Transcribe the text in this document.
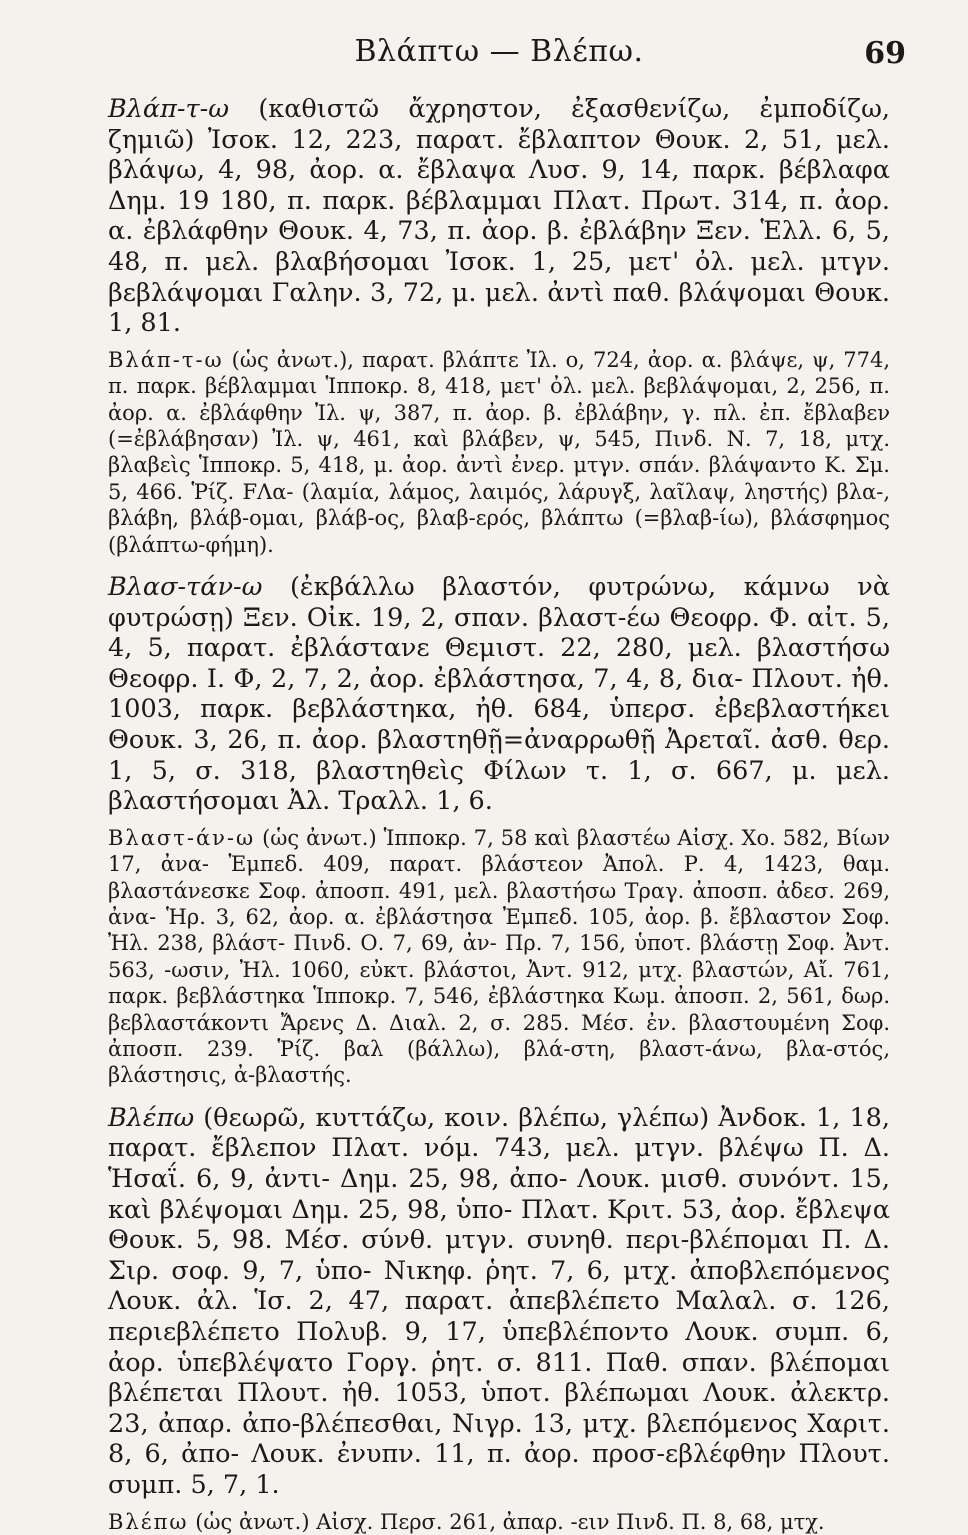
Βλάπτω — Βλέπω.	69

Βλάπ-τ-ω (καθιστῶ ἄχρηστον, ἐξασθενίζω, ἐμποδίζω, ζημιῶ) Ἰσοκ. 12, 223, παρατ. ἔβλαπτον Θουκ. 2, 51, μελ. βλάψω, 4, 98, ἀορ. α. ἔβλαψα Λυσ. 9, 14, παρκ. βέβλαφα Δημ. 19 180, π. παρκ. βέβλαμμαι Πλατ. Πρωτ. 314, π. ἀορ. α. ἐβλάφθην Θουκ. 4, 73, π. ἀορ. β. ἐβλάβην Ξεν. Ἑλλ. 6, 5, 48, π. μελ. βλαβήσομαι Ἰσοκ. 1, 25, μετ' ὀλ. μελ. μτγν. βεβλάψομαι Γαλην. 3, 72, μ. μελ. ἀντὶ παθ. βλάψομαι Θουκ. 1, 81.

Βλάπ-τ-ω (ὡς ἀνωτ.), παρατ. βλάπτε Ἰλ. ο, 724, ἀορ. α. βλάψε, ψ, 774, π. παρκ. βέβλαμμαι Ἱπποκρ. 8, 418, μετ' ὀλ. μελ. βεβλάψομαι, 2, 256, π. ἀορ. α. ἐβλάφθην Ἰλ. ψ, 387, π. ἀορ. β. ἐβλάβην, γ. πλ. ἐπ. ἔβλαβεν (=ἐβλάβησαν) Ἰλ. ψ, 461, καὶ βλάβεν, ψ, 545, Πινδ. Ν. 7, 18, μτχ. βλαβεὶς Ἱπποκρ. 5, 418, μ. ἀορ. ἀντὶ ἐνερ. μτγν. σπάν. βλάψαντο Κ. Σμ. 5, 466. Ῥίζ. FΛα- (λαμία, λάμος, λαιμός, λάρυγξ, λαῖλαψ, ληστής) βλα-, βλάβη, βλάβ-ομαι, βλάβ-ος, βλαβ-ερός, βλάπτω (=βλαβ-ίω), βλάσφημος (βλάπτω-φήμη).

Βλασ-τάν-ω (ἐκβάλλω βλαστόν, φυτρώνω, κάμνω νὰ φυτρώσῃ) Ξεν. Οἰκ. 19, 2, σπαν. βλαστ-έω Θεοφρ. Φ. αἰτ. 5, 4, 5, παρατ. ἐβλάστανε Θεμιστ. 22, 280, μελ. βλαστήσω Θεοφρ. Ι. Φ, 2, 7, 2, ἀορ. ἐβλάστησα, 7, 4, 8, δια- Πλουτ. ἠθ. 1003, παρκ. βεβλάστηκα, ἠθ. 684, ὑπερσ. ἐβεβλαστήκει Θουκ. 3, 26, π. ἀορ. βλαστηθῇ=ἀναρρωθῇ Ἀρεταῖ. ἀσθ. θερ. 1, 5, σ. 318, βλαστηθεὶς Φίλων τ. 1, σ. 667, μ. μελ. βλαστήσομαι Ἀλ. Τραλλ. 1, 6.

Βλαστ-άν-ω (ὡς ἀνωτ.) Ἱπποκρ. 7, 58 καὶ βλαστέω Αἰσχ. Χο. 582, Βίων 17, ἀνα- Ἐμπεδ. 409, παρατ. βλάστεον Ἀπολ. Ρ. 4, 1423, θαμ. βλαστάνεσκε Σοφ. ἀποσπ. 491, μελ. βλαστήσω Τραγ. ἀποσπ. ἀδεσ. 269, ἀνα- Ἡρ. 3, 62, ἀορ. α. ἐβλάστησα Ἐμπεδ. 105, ἀορ. β. ἔβλαστον Σοφ. Ἠλ. 238, βλάστ- Πινδ. Ο. 7, 69, ἀν- Πρ. 7, 156, ὑποτ. βλάστῃ Σοφ. Ἀντ. 563, -ωσιν, Ἠλ. 1060, εὐκτ. βλάστοι, Ἀντ. 912, μτχ. βλαστών, Αἴ. 761, παρκ. βεβλάστηκα Ἱπποκρ. 7, 546, ἐβλάστηκα Κωμ. ἀποσπ. 2, 561, δωρ. βεβλαστάκοντι Ἄρενς Δ. Διαλ. 2, σ. 285. Μέσ. ἐν. βλαστουμένη Σοφ. ἀποσπ. 239. Ῥίζ. βαλ (βάλλω), βλά-στη, βλαστ-άνω, βλα-στός, βλάστησις, ἀ-βλαστής.

Βλέπω (θεωρῶ, κυττάζω, κοιν. βλέπω, γλέπω) Ἀνδοκ. 1, 18, παρατ. ἔβλεπον Πλατ. νόμ. 743, μελ. μτγν. βλέψω Π. Δ. Ἡσαΐ. 6, 9, ἀντι- Δημ. 25, 98, ἀπο- Λουκ. μισθ. συνόντ. 15, καὶ βλέψομαι Δημ. 25, 98, ὑπο- Πλατ. Κριτ. 53, ἀορ. ἔβλεψα Θουκ. 5, 98. Μέσ. σύνθ. μτγν. συνηθ. περι-βλέπομαι Π. Δ. Σιρ. σοφ. 9, 7, ὑπο- Νικηφ. ῥητ. 7, 6, μτχ. ἀποβλεπόμενος Λουκ. ἀλ. Ἱσ. 2, 47, παρατ. ἀπεβλέπετο Μαλαλ. σ. 126, περιεβλέπετο Πολυβ. 9, 17, ὑπεβλέποντο Λουκ. συμπ. 6, ἀορ. ὑπεβλέψατο Γοργ. ῥητ. σ. 811. Παθ. σπαν. βλέπομαι βλέπεται Πλουτ. ἠθ. 1053, ὑποτ. βλέπωμαι Λουκ. ἀλεκτρ. 23, ἀπαρ. ἀπο-βλέπεσθαι, Νιγρ. 13, μτχ. βλεπόμενος Χαριτ. 8, 6, ἀπο- Λουκ. ἐνυπν. 11, π. ἀορ. προσ-εβλέφθην Πλουτ. συμπ. 5, 7, 1.

Βλέπω (ὡς ἀνωτ.) Αἰσχ. Περσ. 261, ἀπαρ. -ειν Πινδ. Π. 8, 68, μτχ.
